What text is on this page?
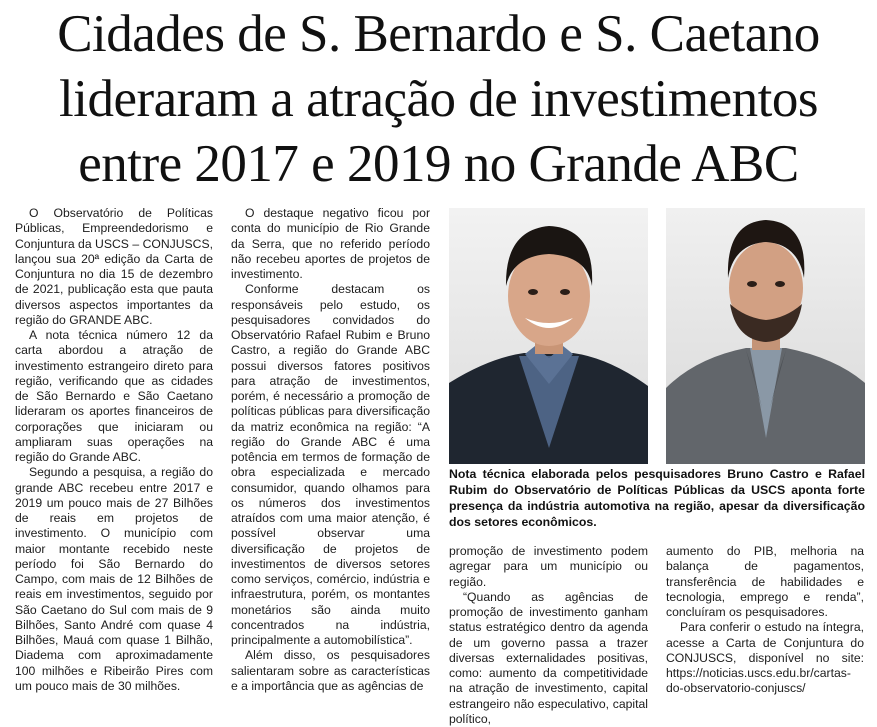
Cidades de S. Bernardo e S. Caetano
lideraram a atração de investimentos
entre 2017 e 2019 no Grande ABC

O Observatório de Políticas Públicas, Empreendedorismo e Conjuntura da USCS – CONJUSCS, lançou sua 20ª edição da Carta de Conjuntura no dia 15 de dezembro de 2021, publicação esta que pauta diversos aspectos importantes da região do GRANDE ABC.

A nota técnica número 12 da carta abordou a atração de investimento estrangeiro direto para região, verificando que as cidades de São Bernardo e São Caetano lideraram os aportes financeiros de corporações que iniciaram ou ampliaram suas operações na região do Grande ABC.

Segundo a pesquisa, a região do grande ABC recebeu entre 2017 e 2019 um pouco mais de 27 Bilhões de reais em projetos de investimento. O município com maior montante recebido neste período foi São Bernardo do Campo, com mais de 12 Bilhões de reais em investimentos, seguido por São Caetano do Sul com mais de 9 Bilhões, Santo André com quase 4 Bilhões, Mauá com quase 1 Bilhão, Diadema com aproximadamente 100 milhões e Ribeirão Pires com um pouco mais de 30 milhões.

O destaque negativo ficou por conta do município de Rio Grande da Serra, que no referido período não recebeu aportes de projetos de investimento.

Conforme destacam os responsáveis pelo estudo, os pesquisadores convidados do Observatório Rafael Rubim e Bruno Castro, a região do Grande ABC possui diversos fatores positivos para atração de investimentos, porém, é necessário a promoção de políticas públicas para diversificação da matriz econômica na região: “A região do Grande ABC é uma potência em termos de formação de obra especializada e mercado consumidor, quando olhamos para os números dos investimentos atraídos com uma maior atenção, é possível observar uma diversificação de projetos de investimentos de diversos setores como serviços, comércio, indústria e infraestrutura, porém, os montantes monetários são ainda muito concentrados na indústria, principalmente a automobilística”.

Além disso, os pesquisadores salientaram sobre as características e a importância que as agências de

Nota técnica elaborada pelos pesquisadores Bruno Castro e Rafael Rubim do Observatório de Políticas Públicas da USCS aponta forte presença da indústria automotiva na região, apesar da diversificação dos setores econômicos.

promoção de investimento podem agregar para um município ou região.

“Quando as agências de promoção de investimento ganham status estratégico dentro da agenda de um governo passa a trazer diversas externalidades positivas, como: aumento da competitividade na atração de investimento, capital estrangeiro não especulativo, capital político,

aumento do PIB, melhoria na balança de pagamentos, transferência de habilidades e tecnologia, emprego e renda”, concluíram os pesquisadores.

Para conferir o estudo na íntegra, acesse a Carta de Conjuntura do CONJUSCS, disponível no site: https://noticias.uscs.edu.br/cartas-do-observatorio-conjuscs/
